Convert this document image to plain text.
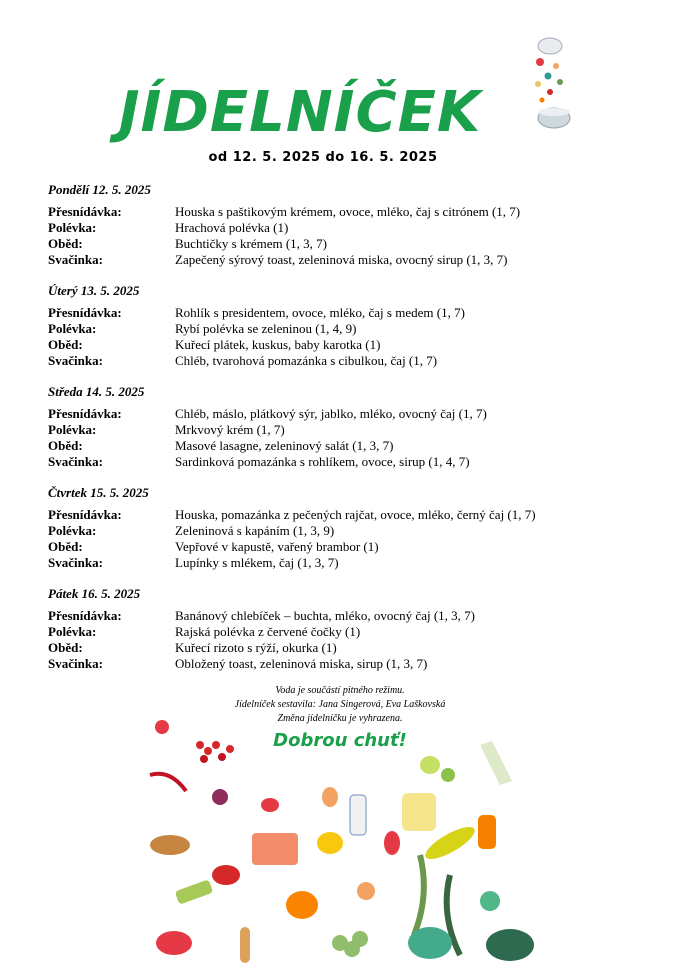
JÍDELNÍČEK
od 12. 5. 2025 do 16. 5. 2025
Pondělí 12. 5. 2025
Přesnídávka:	Houska s paštikovým krémem, ovoce, mléko, čaj s citrónem (1, 7)
Polévka:	Hrachová polévka (1)
Oběd:	Buchtičky s krémem (1, 3, 7)
Svačinka:	Zapečený sýrový toast, zeleninová miska, ovocný sirup (1, 3, 7)
Úterý 13. 5. 2025
Přesnídávka:	Rohlík s presidentem, ovoce, mléko, čaj s medem (1, 7)
Polévka:	Rybí polévka se zeleninou (1, 4, 9)
Oběd:	Kuřecí plátek, kuskus, baby karotka (1)
Svačinka:	Chléb, tvarohová pomazánka s cibulkou, čaj (1, 7)
Středa 14. 5. 2025
Přesnídávka:	Chléb, máslo, plátkový sýr, jablko, mléko, ovocný čaj (1, 7)
Polévka:	Mrkvový krém (1, 7)
Oběd:	Masové lasagne, zeleninový salát (1, 3, 7)
Svačinka:	Sardinková pomazánka s rohlíkem, ovoce, sirup (1, 4, 7)
Čtvrtek 15. 5. 2025
Přesnídávka:	Houska, pomazánka z pečených rajčat, ovoce, mléko, černý čaj (1, 7)
Polévka:	Zeleninová s kapáním (1, 3, 9)
Oběd:	Vepřové v kapustě, vařený brambor (1)
Svačinka:	Lupínky s mlékem, čaj (1, 3, 7)
Pátek 16. 5. 2025
Přesnídávka:	Banánový chlebíček – buchta, mléko, ovocný čaj (1, 3, 7)
Polévka:	Rajská polévka z červené čočky (1)
Oběd:	Kuřecí rizoto s rýží, okurka (1)
Svačinka:	Obložený toast, zeleninová miska, sirup (1, 3, 7)
Voda je součástí pitného režimu.
Jídelníček sestavila: Jana Singerová, Eva Laškovská
Změna jídelníčku je vyhrazena.
Dobrou chuť!
